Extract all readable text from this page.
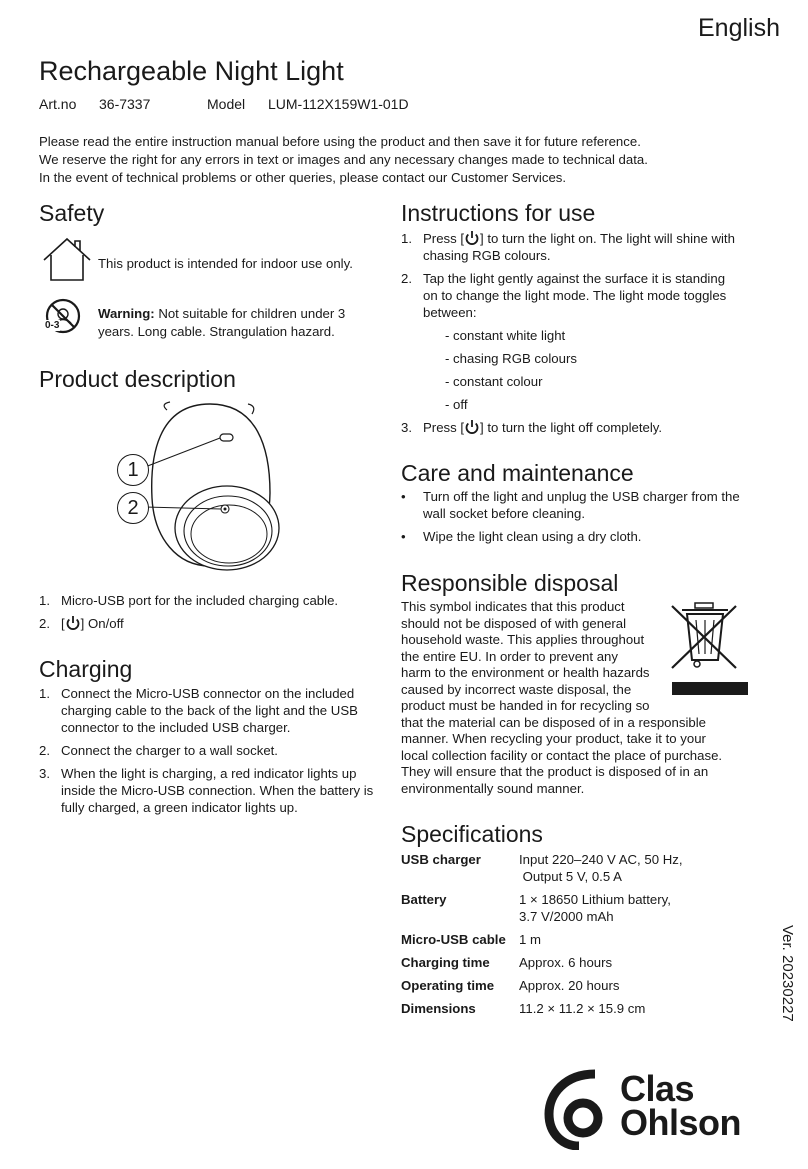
English
Rechargeable Night Light
Art.no 36-7337	Model LUM-112X159W1-01D
Please read the entire instruction manual before using the product and then save it for future reference.
We reserve the right for any errors in text or images and any necessary changes made to technical data.
In the event of technical problems or other queries, please contact our Customer Services.
Safety
This product is intended for indoor use only.
0-3
Warning: Not suitable for children under 3 years. Long cable. Strangulation hazard.
Product description
1
2
1. Micro-USB port for the included charging cable.
2. [ ] On/off
Charging
1. Connect the Micro-USB connector on the included charging cable to the back of the light and the USB connector to the included USB charger.
2. Connect the charger to a wall socket.
3. When the light is charging, a red indicator lights up inside the Micro-USB connection. When the battery is fully charged, a green indicator lights up.
Instructions for use
1. Press [ ] to turn the light on. The light will shine with chasing RGB colours.
2. Tap the light gently against the surface it is standing on to change the light mode. The light mode toggles between:
- constant white light
- chasing RGB colours
- constant colour
- off
3. Press [ ] to turn the light off completely.
Care and maintenance
• Turn off the light and unplug the USB charger from the wall socket before cleaning.
• Wipe the light clean using a dry cloth.
Responsible disposal
This symbol indicates that this product
should not be disposed of with general
household waste. This applies throughout
the entire EU. In order to prevent any
harm to the environment or health hazards
caused by incorrect waste disposal, the
product must be handed in for recycling so
that the material can be disposed of in a responsible
manner. When recycling your product, take it to your
local collection facility or contact the place of purchase.
They will ensure that the product is disposed of in an
environmentally sound manner.
Specifications
USB charger	Input 220–240 V AC, 50 Hz,
Output 5 V, 0.5 A

Battery	1 × 18650 Lithium battery,
3.7 V/2000 mAh

Micro-USB cable	1 m
Charging time	Approx. 6 hours
Operating time	Approx. 20 hours
Dimensions	11.2 × 11.2 × 15.9 cm	Ver. 20230227
Clas
Ohlson
